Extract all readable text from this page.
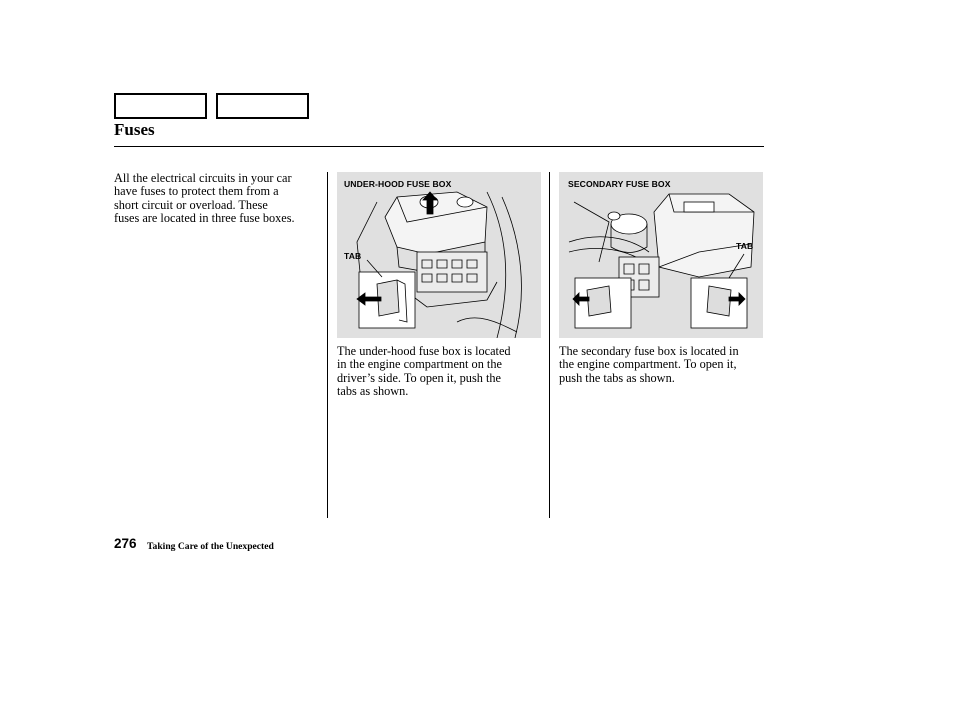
Fuses
All the electrical circuits in your car
have fuses to protect them from a
short circuit or overload. These
fuses are located in three fuse boxes.
UNDER-HOOD FUSE BOX
TAB
SECONDARY FUSE BOX
TAB
The under-hood fuse box is located
in the engine compartment on the
driver’s side. To open it, push the
tabs as shown.
The secondary fuse box is located in
the engine compartment. To open it,
push the tabs as shown.
276 Taking Care of the Unexpected
